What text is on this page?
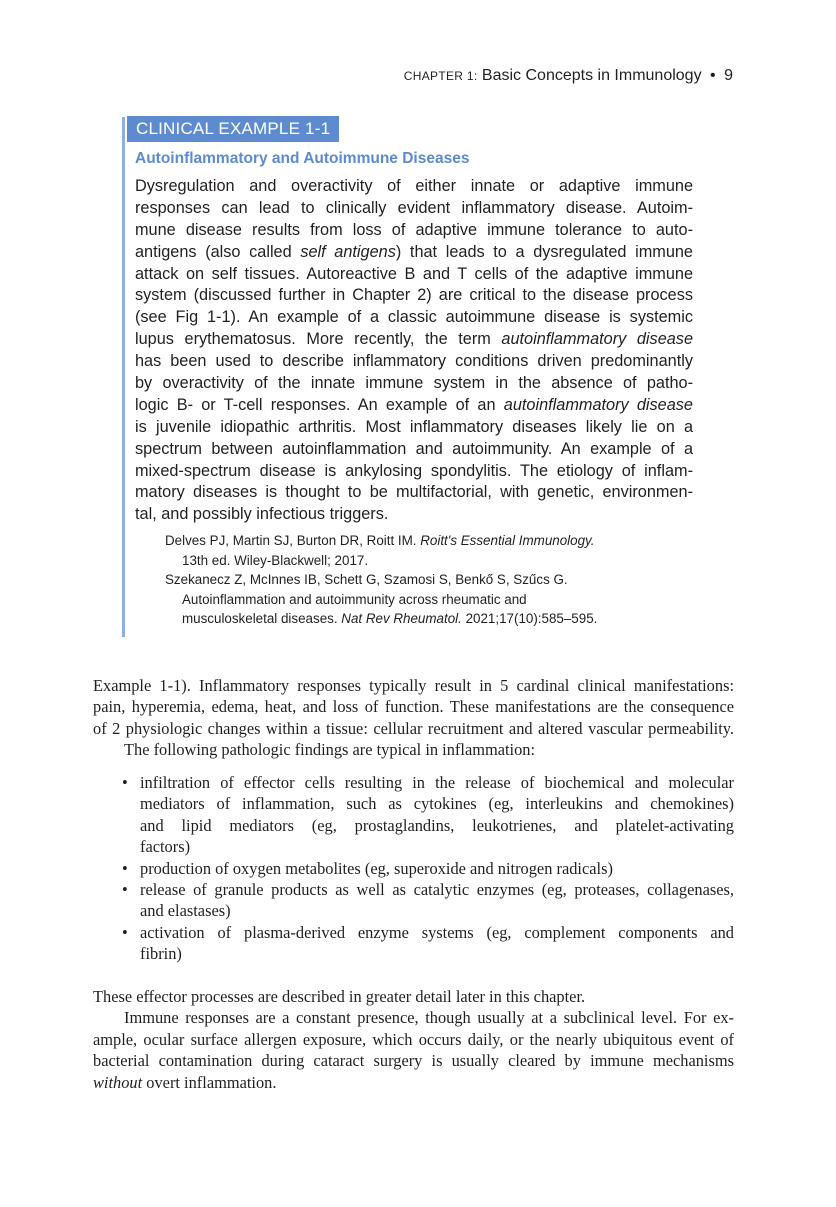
CHAPTER 1: Basic Concepts in Immunology • 9
CLINICAL EXAMPLE 1-1
Autoinflammatory and Autoimmune Diseases
Dysregulation and overactivity of either innate or adaptive immune
responses can lead to clinically evident inflammatory disease. Autoim-
mune disease results from loss of adaptive immune tolerance to auto-
antigens (also called self antigens) that leads to a dysregulated immune
attack on self tissues. Autoreactive B and T cells of the adaptive immune
system (discussed further in Chapter 2) are critical to the disease process
(see Fig 1-1). An example of a classic autoimmune disease is systemic
lupus erythematosus. More recently, the term autoinflammatory disease
has been used to describe inflammatory conditions driven predominantly
by overactivity of the innate immune system in the absence of patho-
logic B- or T-cell responses. An example of an autoinflammatory disease
is juvenile idiopathic arthritis. Most inflammatory diseases likely lie on a
spectrum between autoinflammation and autoimmunity. An example of a
mixed-spectrum disease is ankylosing spondylitis. The etiology of inflam-
matory diseases is thought to be multifactorial, with genetic, environmen-
tal, and possibly infectious triggers.
Delves PJ, Martin SJ, Burton DR, Roitt IM. Roitt's Essential Immunology.
13th ed. Wiley-Blackwell; 2017.
Szekanecz Z, McInnes IB, Schett G, Szamosi S, Benkő S, Szűcs G.
Autoinflammation and autoimmunity across rheumatic and
musculoskeletal diseases. Nat Rev Rheumatol. 2021;17(10):585–595.
Example 1-1). Inflammatory responses typically result in 5 cardinal clinical manifestations:
pain, hyperemia, edema, heat, and loss of function. These manifestations are the consequence
of 2 physiologic changes within a tissue: cellular recruitment and altered vascular permeability.
The following pathologic findings are typical in inflammation:
• infiltration of effector cells resulting in the release of biochemical and molecular
mediators of inflammation, such as cytokines (eg, interleukins and chemokines)
and lipid mediators (eg, prostaglandins, leukotrienes, and platelet-activating
factors)
• production of oxygen metabolites (eg, superoxide and nitrogen radicals)
• release of granule products as well as catalytic enzymes (eg, proteases, collagenases,
and elastases)
• activation of plasma-derived enzyme systems (eg, complement components and
fibrin)
These effector processes are described in greater detail later in this chapter.
Immune responses are a constant presence, though usually at a subclinical level. For ex-
ample, ocular surface allergen exposure, which occurs daily, or the nearly ubiquitous event of
bacterial contamination during cataract surgery is usually cleared by immune mechanisms
without overt inflammation.
